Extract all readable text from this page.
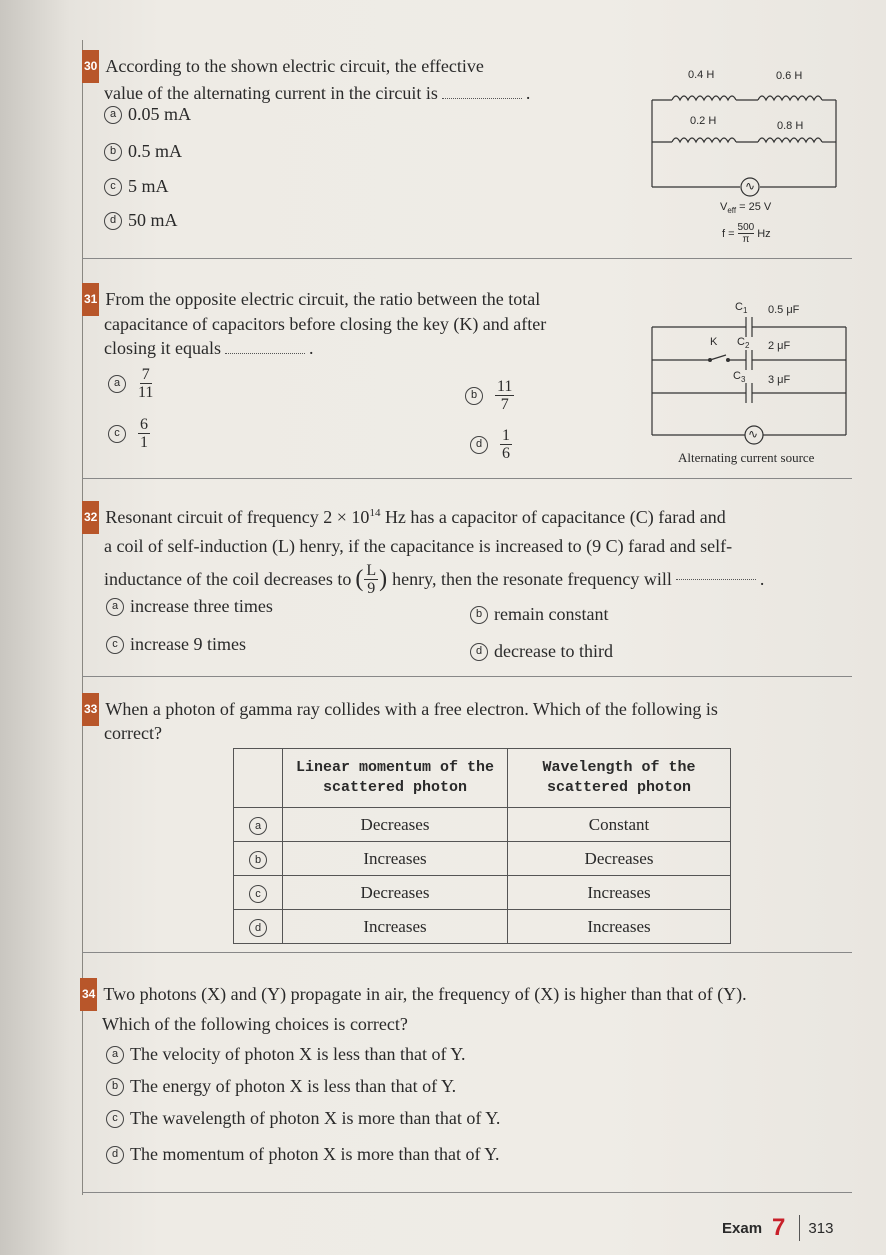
30 According to the shown electric circuit, the effective
value of the alternating current in the circuit is	.
a 0.05 mA
b 0.5 mA
c 5 mA
d 50 mA
0.4 H	0.6 H
0.2 H	0.8 H
∿
$V_{eff} = 25$ V
$f = \frac{500}{\pi}$ Hz
31 From the opposite electric circuit, the ratio between the total
capacitance of capacitors before closing the key (K) and after
closing it equals	.
a	$\frac{7}{11}$	b	$\frac{11}{7}$
c	$\frac{6}{1}$	d	$\frac{1}{6}$
$C_1$ 0.5 μF
K $C_2$ 2 μF
$C_3$ 3 μF
∿
Alternating current source
32 Resonant circuit of frequency $2 \times 10^{14}$ Hz has a capacitor of capacitance (C) farad and
a coil of self-induction (L) henry, if the capacitance is increased to (9 C) farad and self-
inductance of the coil decreases to ( $\frac{L}{9}$ ) henry, then the resonate frequency will	.
a increase three times	b remain constant
c increase 9 times	d decrease to third
33 When a photon of gamma ray collides with a free electron. Which of the following is
correct?
	Linear momentum of the scattered photon	Wavelength of the scattered photon
a	Decreases	Constant
b	Increases	Decreases
c	Decreases	Increases
d	Increases	Increases
34 Two photons (X) and (Y) propagate in air, the frequency of (X) is higher than that of (Y).
Which of the following choices is correct?
a The velocity of photon X is less than that of Y.
b The energy of photon X is less than that of Y.
c The wavelength of photon X is more than that of Y.
d The momentum of photon X is more than that of Y.
Exam 7 313
